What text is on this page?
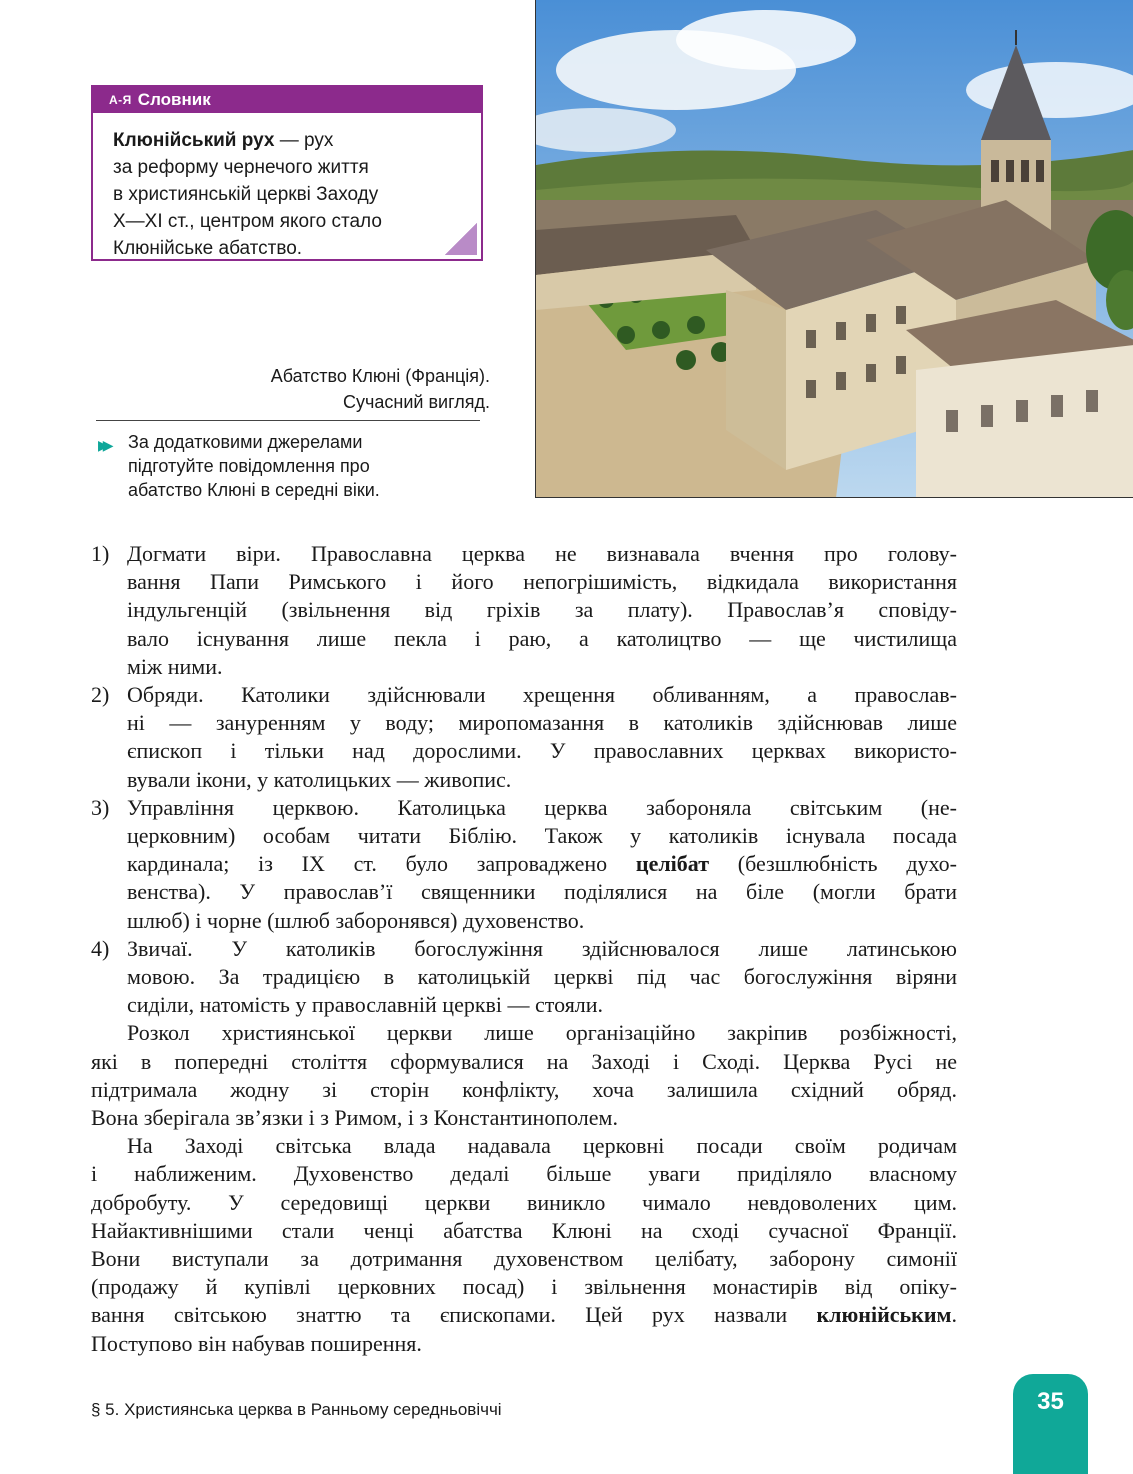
А-Я Словник
Клюнійський рух — рух
за реформу чернечого життя
в християнській церкві Заходу
X—XI ст., центром якого стало
Клюнійське абатство.
Абатство Клюні (Франція).
Сучасний вигляд.
▶▶ За додатковими джерелами
підготуйте повідомлення про
абатство Клюні в середні віки.
1) Догмати віри. Православна церква не визнавала вчення про голову-
вання Папи Римського і його непогрішимість, відкидала використання
індульгенцій (звільнення від гріхів за плату). Православ’я сповіду-
вало існування лише пекла і раю, а католицтво — ще чистилища
між ними.
2) Обряди. Католики здійснювали хрещення обливанням, а православ-
ні — зануренням у воду; миропомазання в католиків здійснював лише
єпископ і тільки над дорослими. У православних церквах використо-
вували ікони, у католицьких — живопис.
3) Управління церквою. Католицька церква забороняла світським (не-
церковним) особам читати Біблію. Також у католиків існувала посада
кардинала; із IX ст. було запроваджено целібат (безшлюбність духо-
венства). У православ’ї священники поділялися на біле (могли брати
шлюб) і чорне (шлюб заборонявся) духовенство.
4) Звичаї. У католиків богослужіння здійснювалося лише латинською
мовою. За традицією в католицькій церкві під час богослужіння віряни
сиділи, натомість у православній церкві — стояли.
Розкол християнської церкви лише організаційно закріпив розбіжності,
які в попередні століття сформувалися на Заході і Сході. Церква Русі не
підтримала жодну зі сторін конфлікту, хоча залишила східний обряд.
Вона зберігала зв’язки і з Римом, і з Константинополем.
На Заході світська влада надавала церковні посади своїм родичам
і наближеним. Духовенство дедалі більше уваги приділяло власному
добробуту. У середовищі церкви виникло чимало невдоволених цим.
Найактивнішими стали ченці абатства Клюні на сході сучасної Франції.
Вони виступали за дотримання духовенством целібату, заборону симонії
(продажу й купівлі церковних посад) і звільнення монастирів від опіку-
вання світською знаттю та єпископами. Цей рух назвали клюнійським.
Поступово він набував поширення.
§ 5. Християнська церква в Ранньому середньовіччі	35
